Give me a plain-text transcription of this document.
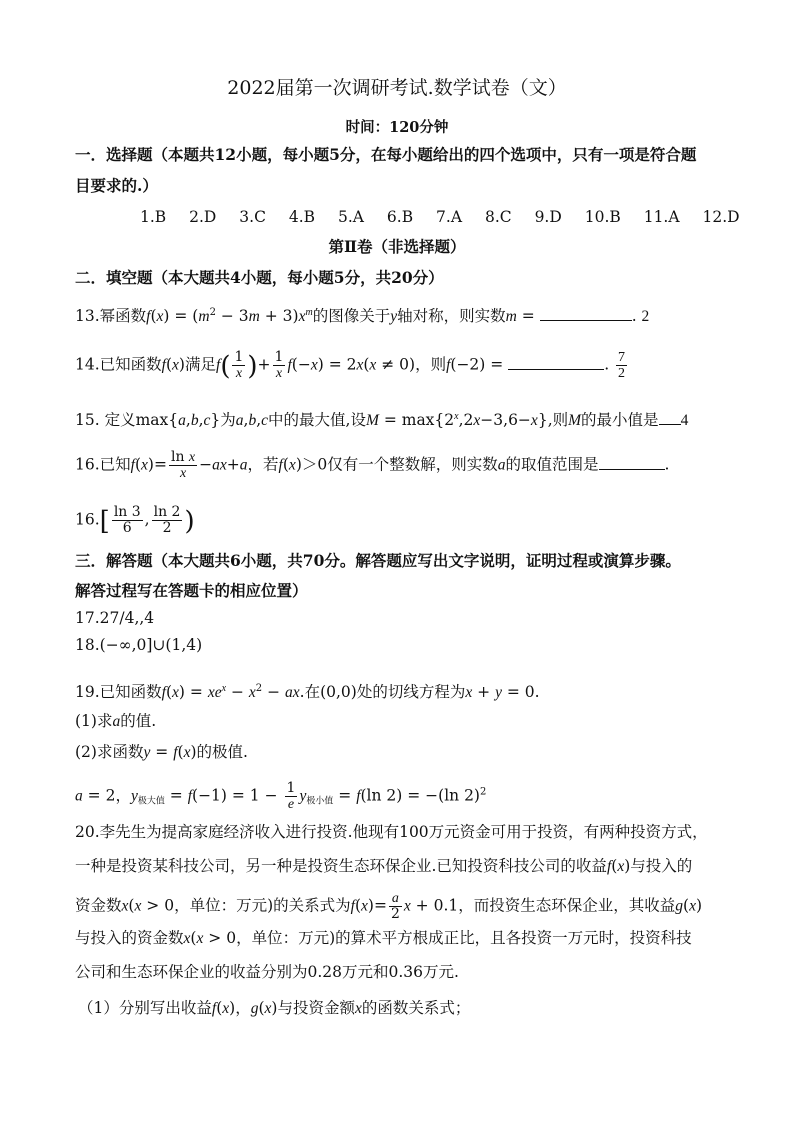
2022届第一次调研考试.数学试卷（文）
时间：120分钟
一．选择题（本题共12小题，每小题5分，在每小题给出的四个选项中，只有一项是符合题
目要求的.）
1.B 2.D 3.C 4.B 5.A 6.B 7.A 8.C 9.D 10.B 11.A 12.D
第Ⅱ卷（非选择题）
二．填空题（本大题共4小题，每小题5分，共20分）
13.幂函数$f(x) = (m^2 - 3m + 3)x^m$的图像关于y轴对称，则实数m =	. 2
14.已知函数f(x)满足$f( \frac{1}{x}$ )+ $\frac{1}{x} f(-x) = 2x(x \ne 0)$，则f(−2) =	. $\frac{7}{2}$
15. 定义max{a,b,c}为a,b,c中的最大值,设$M = \max\{2^x,2x-3,6-x\}$,则M的最小值是 4
16.已知$f(x)= \frac{\text{ln x}}{x} -ax+a$，若f(x)＞0仅有一个整数解，则实数a的取值范围是	.
$16.[ \frac{\ln 3}{6}$ , $\frac{\ln 2}{2}$ )
三．解答题（本大题共6小题，共70分。解答题应写出文字说明，证明过程或演算步骤。
解答过程写在答题卡的相应位置）
17.27/4,,4
18.(−∞,0]∪(1,4)
19.已知函数$f(x) = xe^x - x^2$ − ax.在(0,0)处的切线方程为x + y = 0.
(1)求a的值.
(2)求函数y = f(x)的极值.
a = 2，$y_{极大值} = f(-1) = 1 - \frac{1}{e} y_{极小值} = f(\ln$ 2) = −(ln 2)$^2$
20.李先生为提高家庭经济收入进行投资.他现有100万元资金可用于投资，有两种投资方式，
一种是投资某科技公司，另一种是投资生态环保企业.已知投资科技公司的收益f(x)与投入的
资金数x(x > 0，单位：万元)的关系式为$f(x)= \frac{a}{2}$ x + 0.1，而投资生态环保企业，其收益g(x)
与投入的资金数x(x > 0，单位：万元)的算术平方根成正比，且各投资一万元时，投资科技
公司和生态环保企业的收益分别为0.28万元和0.36万元.
（1）分别写出收益f(x)，g(x)与投资金额x的函数关系式；
